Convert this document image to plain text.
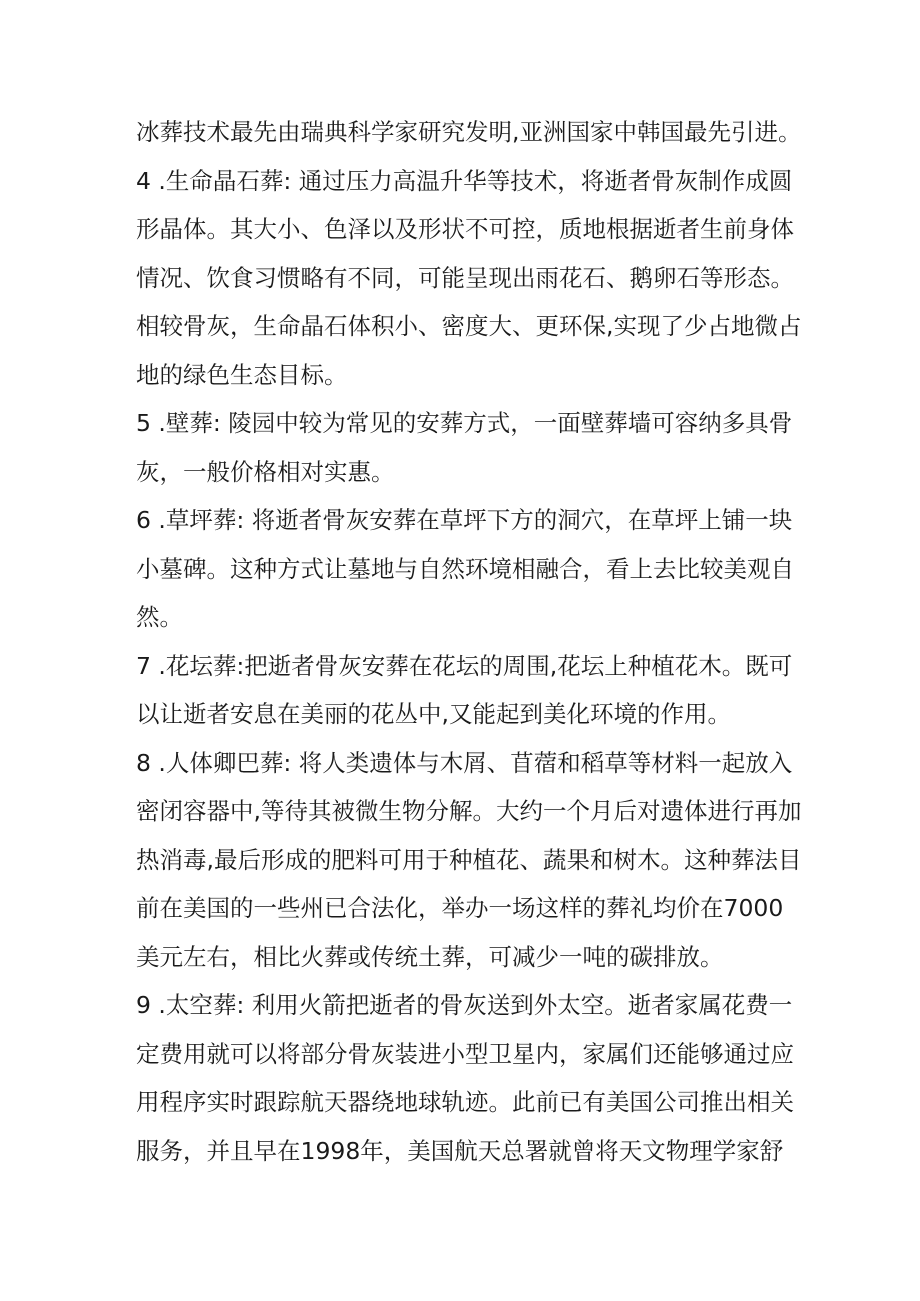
冰葬技术最先由瑞典科学家研究发明,亚洲国家中韩国最先引进。
4 .生命晶石葬: 通过压力高温升华等技术，将逝者骨灰制作成圆
形晶体。其大小、色泽以及形状不可控，质地根据逝者生前身体
情况、饮食习惯略有不同，可能呈现出雨花石、鹅卵石等形态。
相较骨灰，生命晶石体积小、密度大、更环保,实现了少占地微占
地的绿色生态目标。
5 .壁葬: 陵园中较为常见的安葬方式，一面壁葬墙可容纳多具骨
灰，一般价格相对实惠。
6 .草坪葬: 将逝者骨灰安葬在草坪下方的洞穴，在草坪上铺一块
小墓碑。这种方式让墓地与自然环境相融合，看上去比较美观自
然。
7 .花坛葬:把逝者骨灰安葬在花坛的周围,花坛上种植花木。既可
以让逝者安息在美丽的花丛中,又能起到美化环境的作用。
8 .人体卿巴葬: 将人类遗体与木屑、苜蓿和稻草等材料一起放入
密闭容器中,等待其被微生物分解。大约一个月后对遗体进行再加
热消毒,最后形成的肥料可用于种植花、蔬果和树木。这种葬法目
前在美国的一些州已合法化，举办一场这样的葬礼均价在7000
美元左右，相比火葬或传统土葬，可减少一吨的碳排放。
9 .太空葬: 利用火箭把逝者的骨灰送到外太空。逝者家属花费一
定费用就可以将部分骨灰装进小型卫星内，家属们还能够通过应
用程序实时跟踪航天器绕地球轨迹。此前已有美国公司推出相关
服务，并且早在1998年，美国航天总署就曾将天文物理学家舒
